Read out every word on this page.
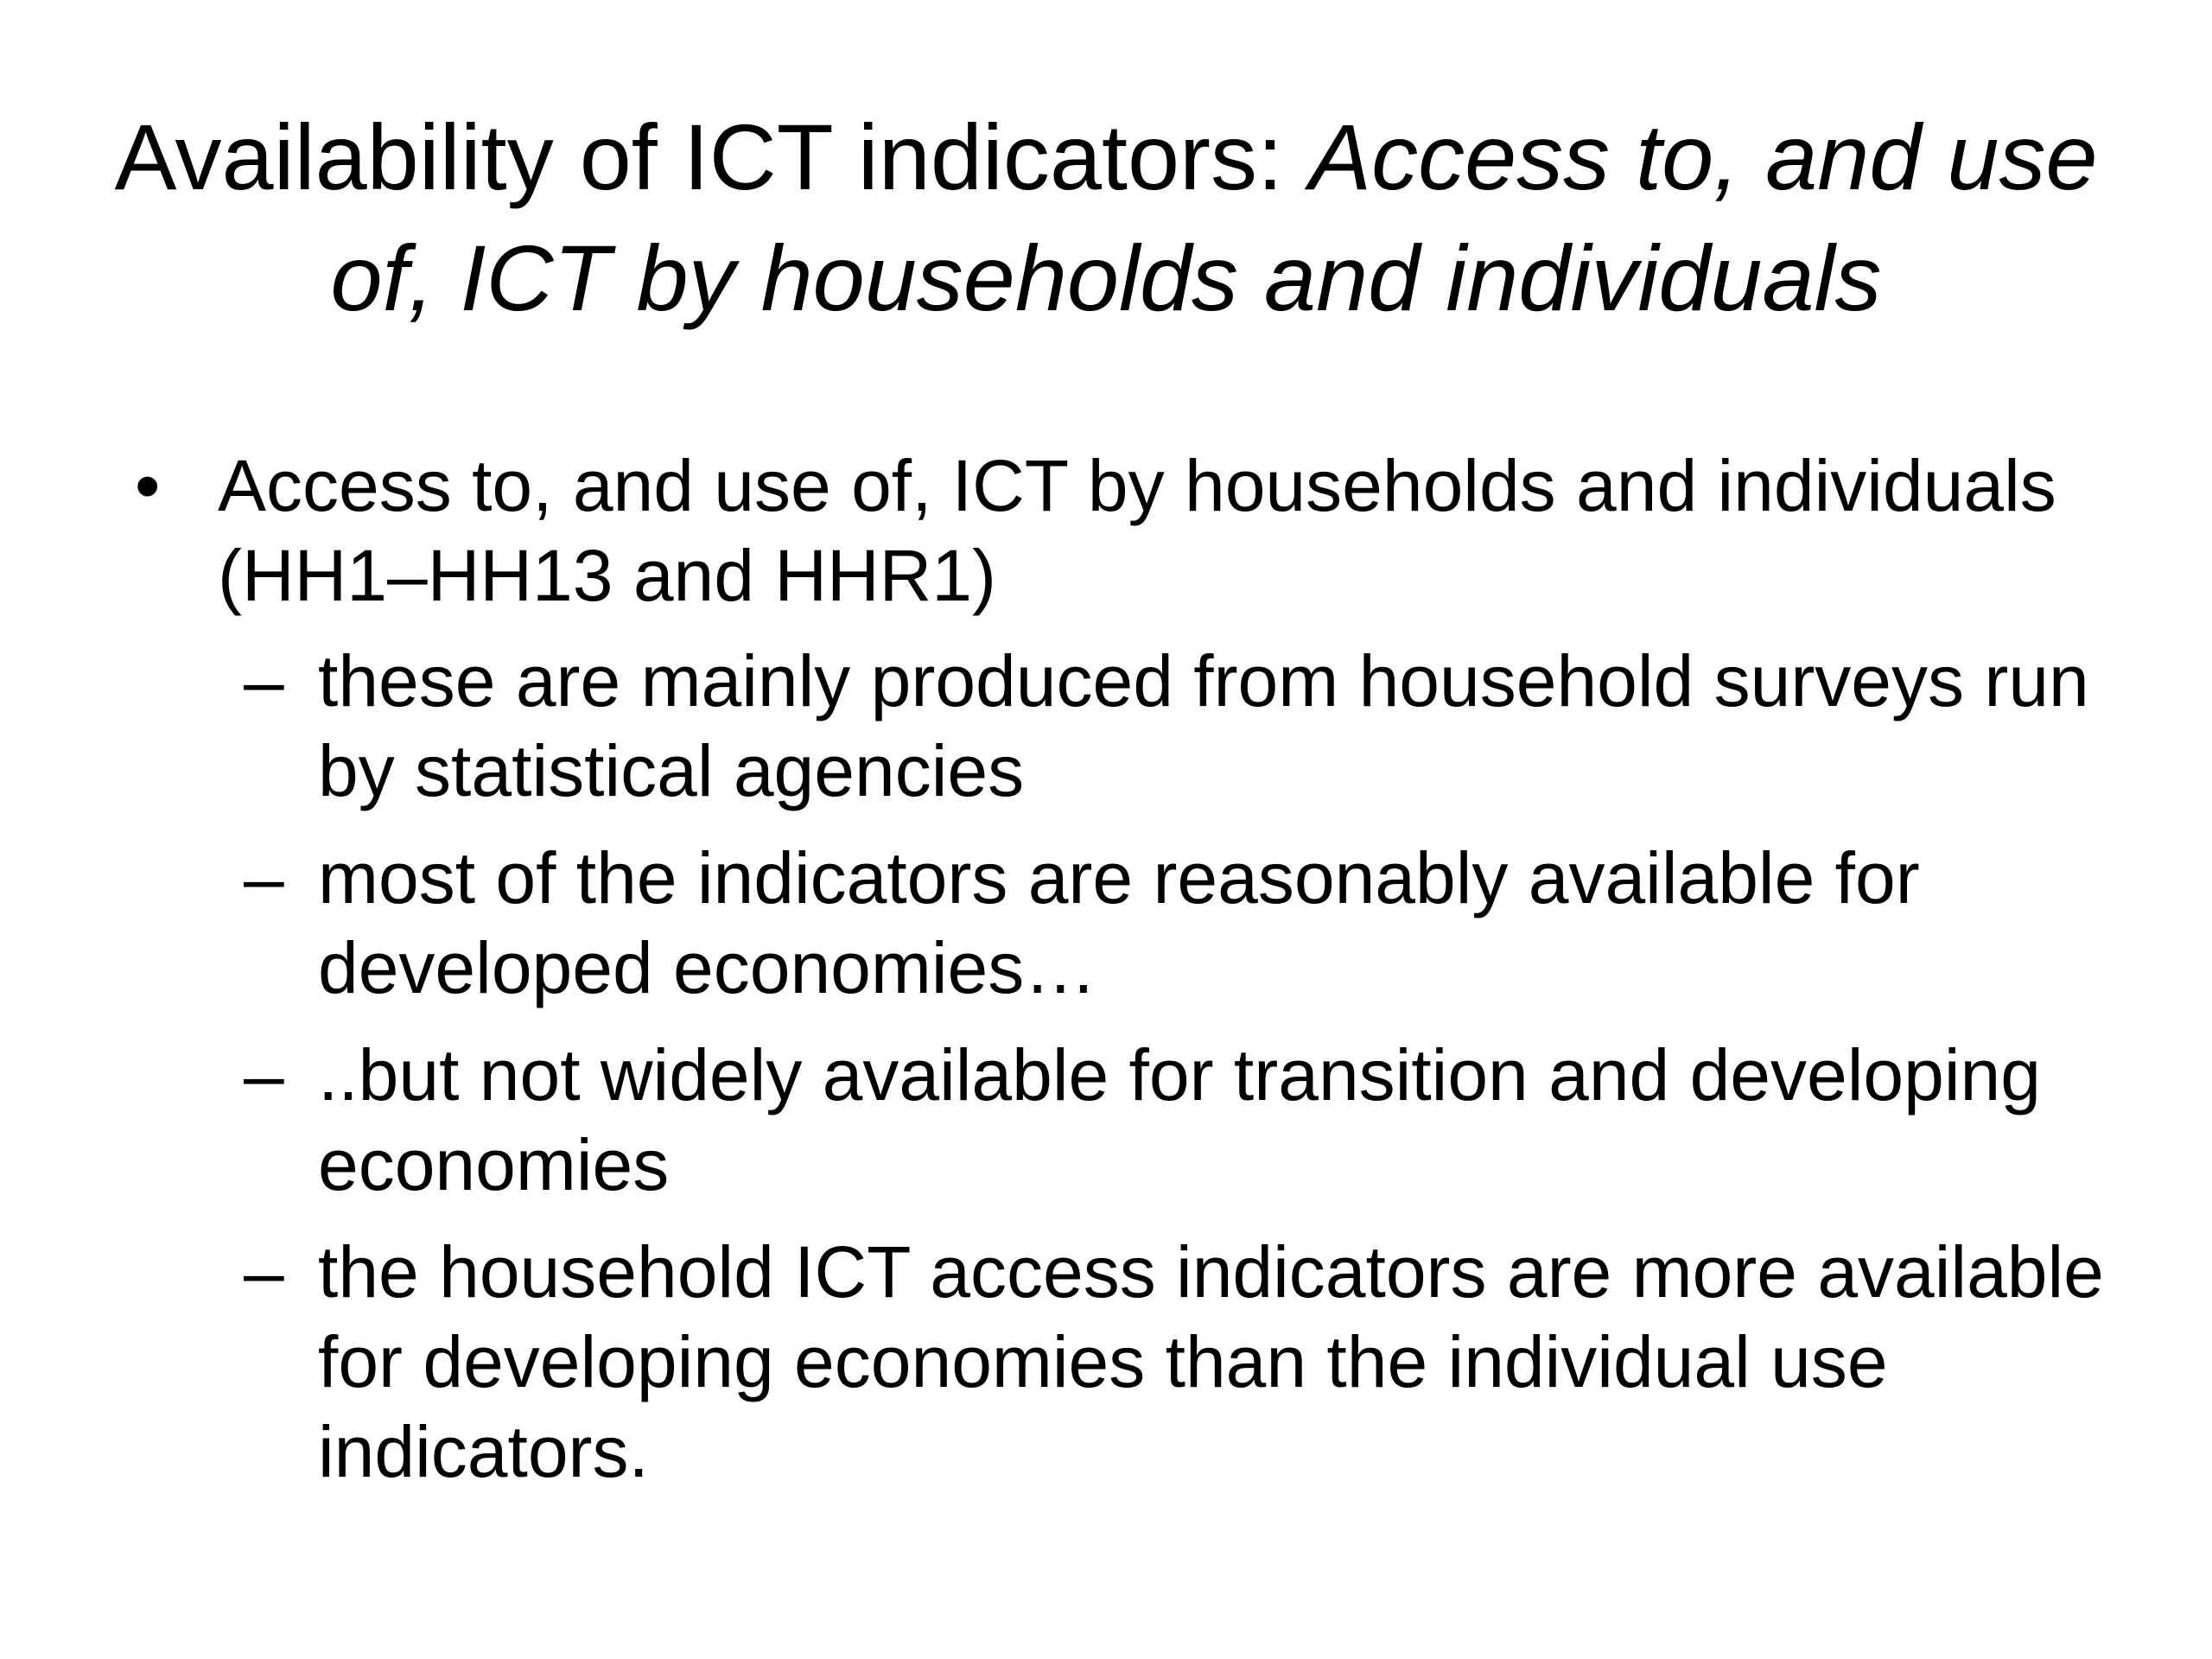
Availability of ICT indicators: Access to, and use of, ICT by households and individuals
• Access to, and use of, ICT by households and individuals (HH1–HH13 and HHR1)
– these are mainly produced from household surveys run by statistical agencies
– most of the indicators are reasonably available for developed economies…
– ..but not widely available for transition and developing economies
– the household ICT access indicators are more available for developing economies than the individual use indicators.
